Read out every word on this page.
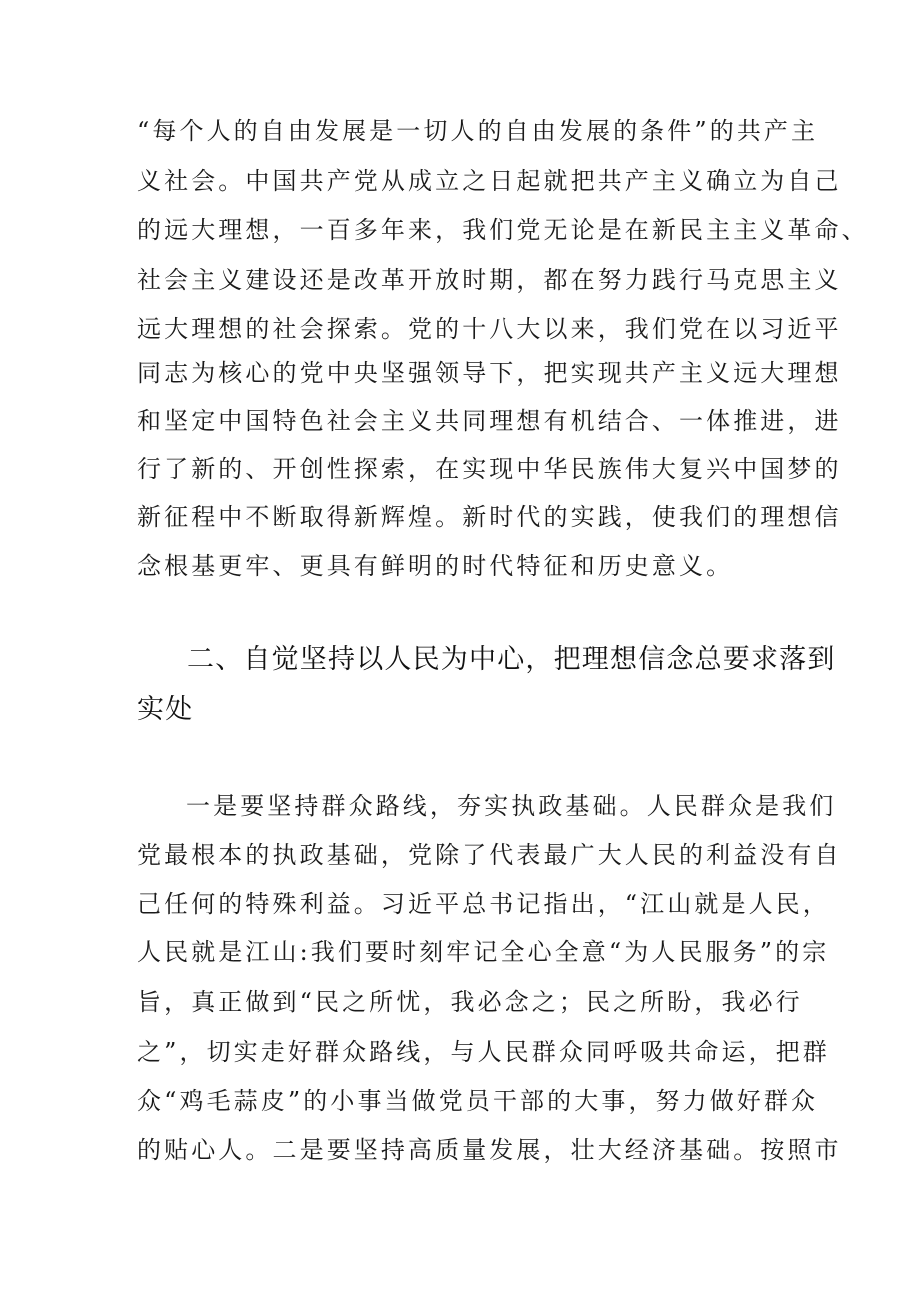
“每个人的自由发展是一切人的自由发展的条件”的共产主
义社会。中国共产党从成立之日起就把共产主义确立为自己
的远大理想，一百多年来，我们党无论是在新民主主义革命、
社会主义建设还是改革开放时期，都在努力践行马克思主义
远大理想的社会探索。党的十八大以来，我们党在以习近平
同志为核心的党中央坚强领导下，把实现共产主义远大理想
和坚定中国特色社会主义共同理想有机结合、一体推进，进
行了新的、开创性探索，在实现中华民族伟大复兴中国梦的
新征程中不断取得新辉煌。新时代的实践，使我们的理想信
念根基更牢、更具有鲜明的时代特征和历史意义。
二、自觉坚持以人民为中心，把理想信念总要求落到
实处
一是要坚持群众路线，夯实执政基础。人民群众是我们
党最根本的执政基础，党除了代表最广大人民的利益没有自
己任何的特殊利益。习近平总书记指出，“江山就是人民，
人民就是江山:我们要时刻牢记全心全意“为人民服务”的宗
旨，真正做到“民之所忧，我必念之；民之所盼，我必行
之”，切实走好群众路线，与人民群众同呼吸共命运，把群
众“鸡毛蒜皮”的小事当做党员干部的大事，努力做好群众
的贴心人。二是要坚持高质量发展，壮大经济基础。按照市
